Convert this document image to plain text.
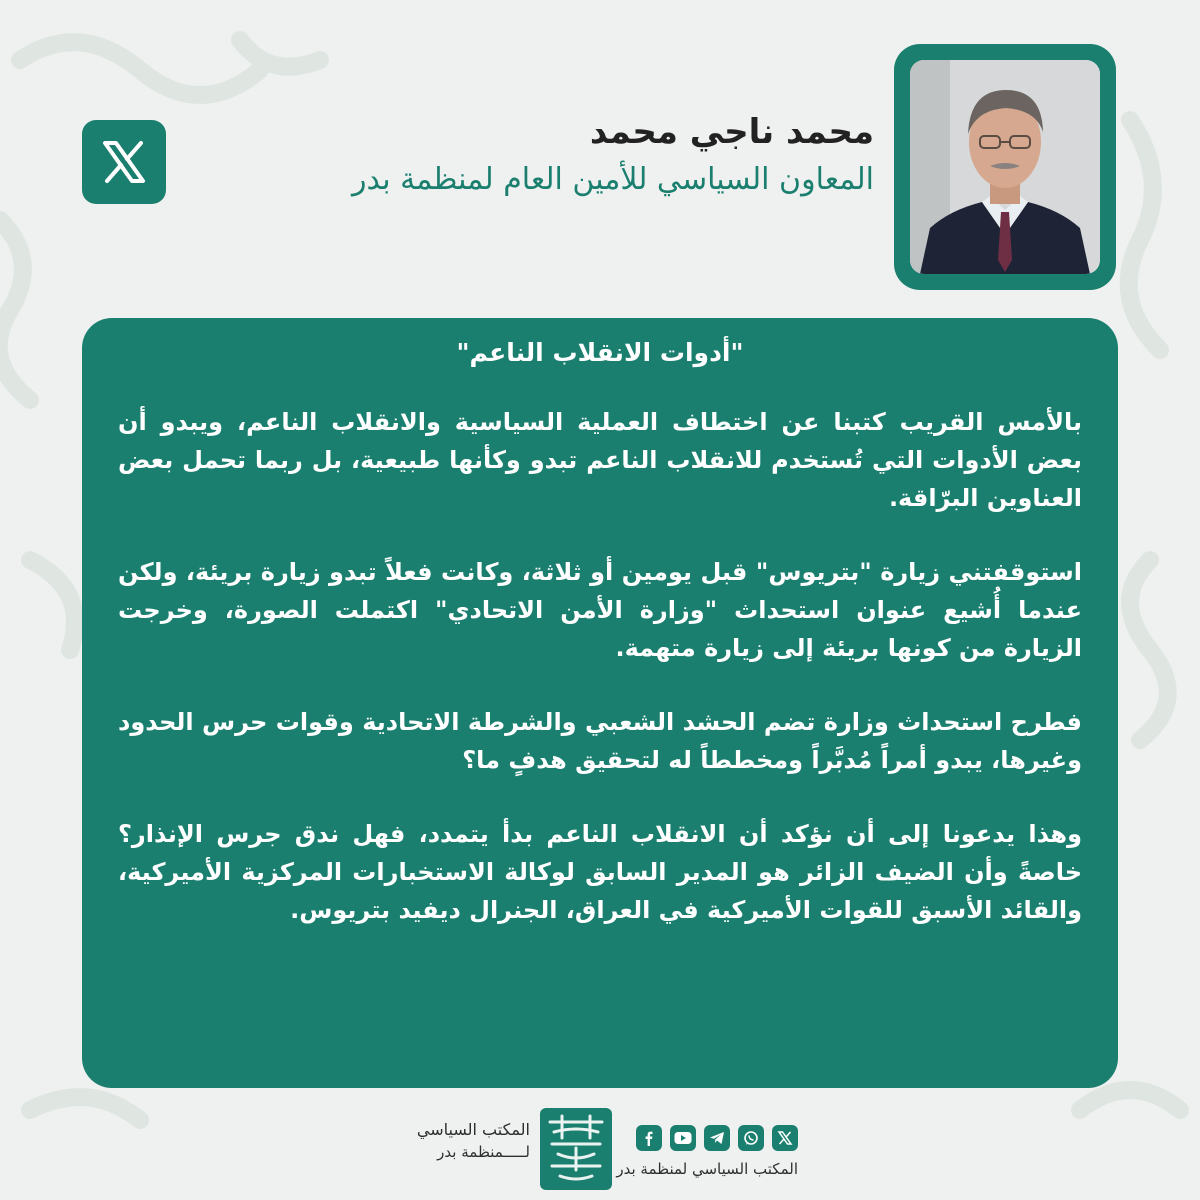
محمد ناجي محمد
المعاون السياسي للأمين العام لمنظمة بدر
"أدوات الانقلاب الناعم"

بالأمس القريب كتبنا عن اختطاف العملية السياسية والانقلاب الناعم، ويبدو أن بعض الأدوات التي تُستخدم للانقلاب الناعم تبدو وكأنها طبيعية، بل ربما تحمل بعض العناوين البرّاقة.

استوقفتني زيارة "بتريوس" قبل يومين أو ثلاثة، وكانت فعلاً تبدو زيارة بريئة، ولكن عندما أُشيع عنوان استحداث "وزارة الأمن الاتحادي" اكتملت الصورة، وخرجت الزيارة من كونها بريئة إلى زيارة متهمة.

فطرح استحداث وزارة تضم الحشد الشعبي والشرطة الاتحادية وقوات حرس الحدود وغيرها، يبدو أمراً مُدبَّراً ومخططاً له لتحقيق هدفٍ ما؟

وهذا يدعونا إلى أن نؤكد أن الانقلاب الناعم بدأ يتمدد، فهل ندق جرس الإنذار؟ خاصةً وأن الضيف الزائر هو المدير السابق لوكالة الاستخبارات المركزية الأميركية، والقائد الأسبق للقوات الأميركية في العراق، الجنرال ديفيد بتريوس.

المكتب السياسي لمنظمة بدر
المكتب السياسي
لـــــمنظمة بدر
